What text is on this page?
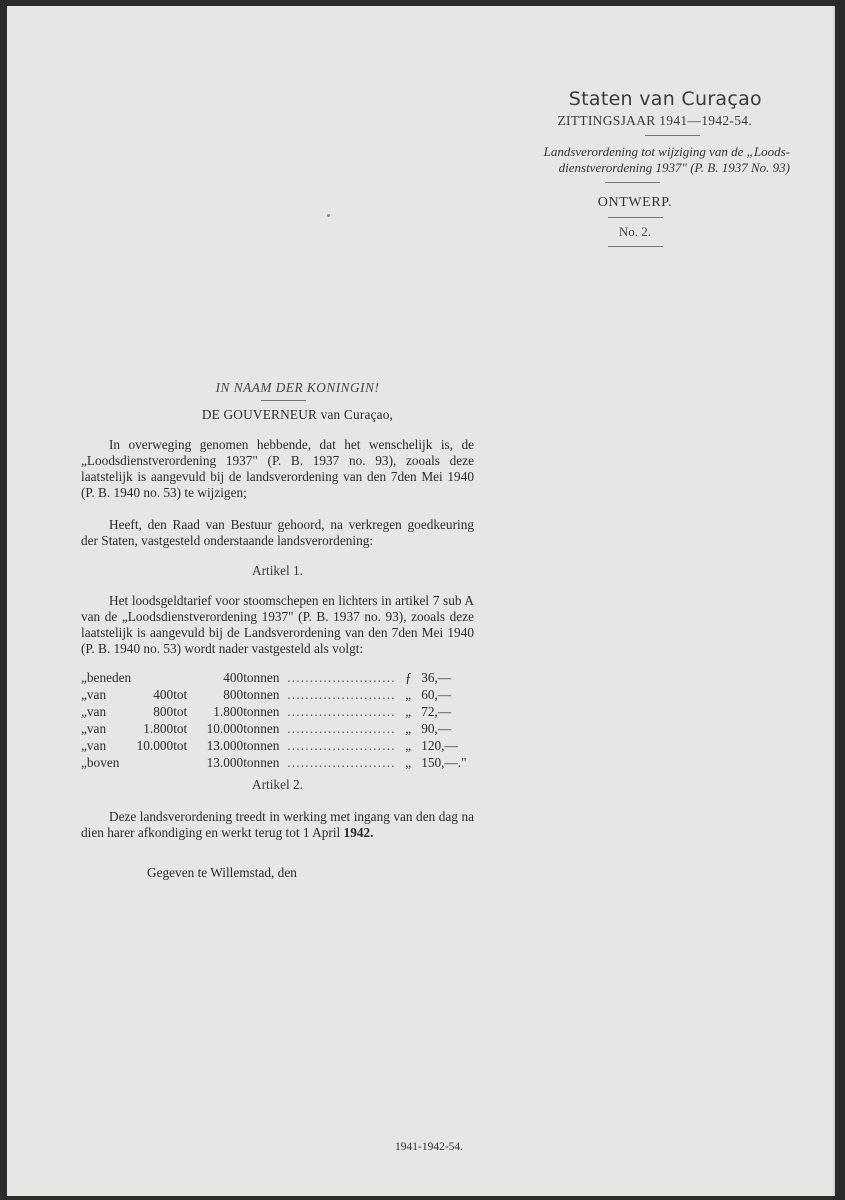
Staten van Curaçao
ZITTINGSJAAR 1941—1942-54.
Landsverordening tot wijziging van de „Loods-
dienstverordening 1937" (P. B. 1937 No. 93)
ONTWERP.
No. 2.
IN NAAM DER KONINGIN!
DE GOUVERNEUR van Curaçao,

In overweging genomen hebbende, dat het wenschelijk is, de „Loodsdienstverordening 1937" (P. B. 1937 no. 93), zooals deze laatstelijk is aangevuld bij de landsverordening van den 7den Mei 1940 (P. B. 1940 no. 53) te wijzigen;

Heeft, den Raad van Bestuur gehoord, na verkregen goedkeuring der Staten, vastgesteld onderstaande landsverordening:

Artikel 1.

Het loodsgeldtarief voor stoomschepen en lichters in artikel 7 sub A van de „Loodsdienstverordening 1937" (P. B. 1937 no. 93), zooals deze laatstelijk is aangevuld bij de Landsverordening van den 7den Mei 1940 (P. B. 1940 no. 53) wordt nader vastgesteld als volgt:

„beneden			400	tonnen	........................	ƒ	36,—
„van	400	tot	800	tonnen	........................	„	60,—
„van	800	tot	1.800	tonnen	........................	„	72,—
„van	1.800	tot	10.000	tonnen	........................	„	90,—
„van	10.000	tot	13.000	tonnen	........................	„	120,—
„boven			13.000	tonnen	........................	„	150,—."
Artikel 2.

Deze landsverordening treedt in werking met ingang van den dag na dien harer afkondiging en werkt terug tot 1 April 1942.

Gegeven te Willemstad, den

1941-1942-54.
